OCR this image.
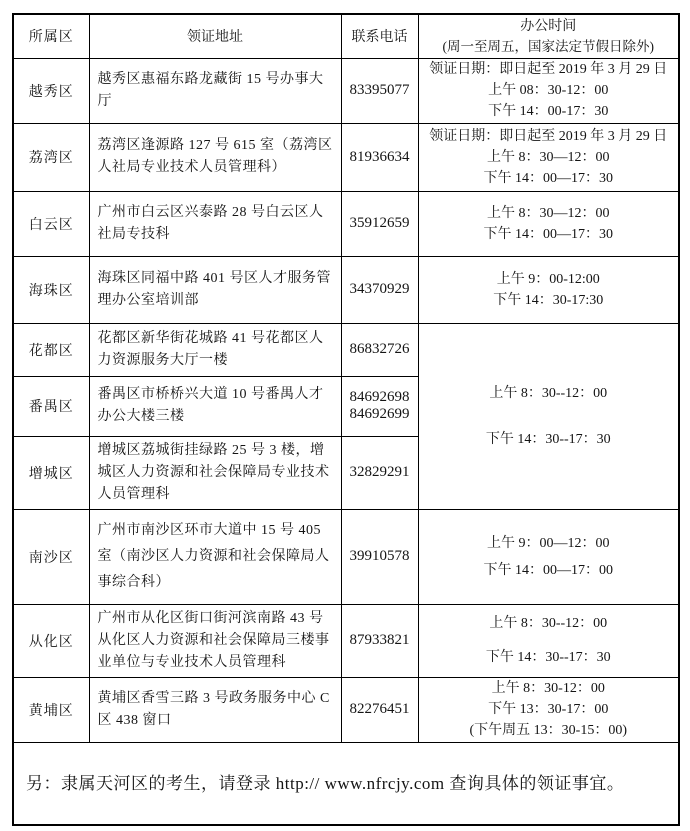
所属区	领证地址	联系电话	办公时间
(周一至周五，国家法定节假日除外)

越秀区	越秀区惠福东路龙藏街 15 号办事大厅	83395077	领证日期：即日起至 2019 年 3 月 29 日
上午 08：30-12：00
下午 14：00-17：30

荔湾区	荔湾区逢源路 127 号 615 室（荔湾区人社局专业技术人员管理科）	81936634	领证日期：即日起至 2019 年 3 月 29 日
上午 8：30—12：00
下午 14：00—17：30

白云区	广州市白云区兴泰路 28 号白云区人社局专技科	35912659	上午 8：30—12：00
下午 14：00—17：30

海珠区	海珠区同福中路 401 号区人才服务管理办公室培训部	34370929	上午 9：00-12:00
下午 14：30-17:30

花都区	花都区新华街花城路 41 号花都区人力资源服务大厅一楼	86832726	上午 8：30--12：00
下午 14：30--17：30

番禺区	番禺区市桥桥兴大道 10 号番禺人才办公大楼三楼	84692698
84692699	

增城区	增城区荔城街挂绿路 25 号 3 楼，增城区人力资源和社会保障局专业技术人员管理科	32829291	
南沙区	广州市南沙区环市大道中 15 号 405 室（南沙区人力资源和社会保障局人事综合科）	39910578	上午 9：00—12：00
下午 14：00—17：00

从化区	广州市从化区街口街河滨南路 43 号从化区人力资源和社会保障局三楼事业单位与专业技术人员管理科	87933821	上午 8：30--12：00
下午 14：30--17：30

黄埔区	黄埔区香雪三路 3 号政务服务中心 C 区 438 窗口	82276451	上午 8：30-12：00
下午 13：30-17：00
(下午周五 13：30-15：00)

另：隶属天河区的考生，请登录 http:// www.nfrcjy.com 查询具体的领证事宜。			
